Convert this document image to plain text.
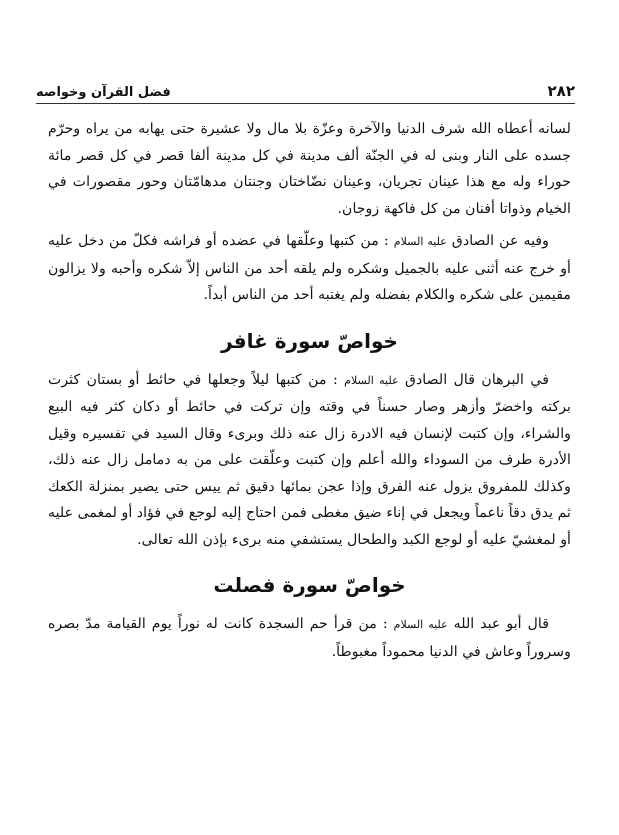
فضل القرآن وخواصه	٢٨٢

لسانه أعطاه الله شرف الدنيا والآخرة وعزّة بلا مال ولا عشيرة حتى يهابه من يراه وحرّم جسده على النار وبنى له في الجنّة ألف مدينة في كل مدينة ألفا قصر في كل قصر مائة حوراء وله مع هذا عينان تجريان، وعينان نضّاختان وجنتان مدهامّتان وحور مقصورات في الخيام وذواتا أفنان من كل فاكهة زوجان.

وفيه عن الصادق عليه السلام : من كتبها وعلّقها في عضده أو فراشه فكلّ من دخل عليه أو خرج عنه أثنى عليه بالجميل وشكره ولم يلقه أحد من الناس إلاّ شكره وأحبه ولا يزالون مقيمين على شكره والكلام بفضله ولم يغتبه أحد من الناس أبداً.

خواصّ سورة غافر

في البرهان قال الصادق عليه السلام : من كتبها ليلاً وجعلها في حائط أو بستان كثرت بركته واخضرّ وأزهر وصار حسناً في وقته وإن تركت في حائط أو دكان كثر فيه البيع والشراء، وإن كتبت لإنسان فيه الادرة زال عنه ذلك وبرىء وقال السيد في تفسيره وقيل الأدرة طرف من السوداء والله أعلم وإن كتبت وعلّقت على من به دمامل زال عنه ذلك، وكذلك للمفروق يزول عنه الفرق وإذا عجن بمائها دقيق ثم ييس حتى يصير بمنزلة الكعك ثم يدق دقاً ناعماً ويجعل في إناء ضيق مغطى فمن احتاج إليه لوجع في فؤاد أو لمغمى عليه أو لمغشيّ عليه أو لوجع الكبد والطحال يستشفي منه برىء بإذن الله تعالى.

خواصّ سورة فصلت

قال أبو عبد الله عليه السلام : من قرأ حم السجدة كانت له نوراً يوم القيامة مدّ بصره وسروراً وعاش في الدنيا محموداً مغبوطاً.
